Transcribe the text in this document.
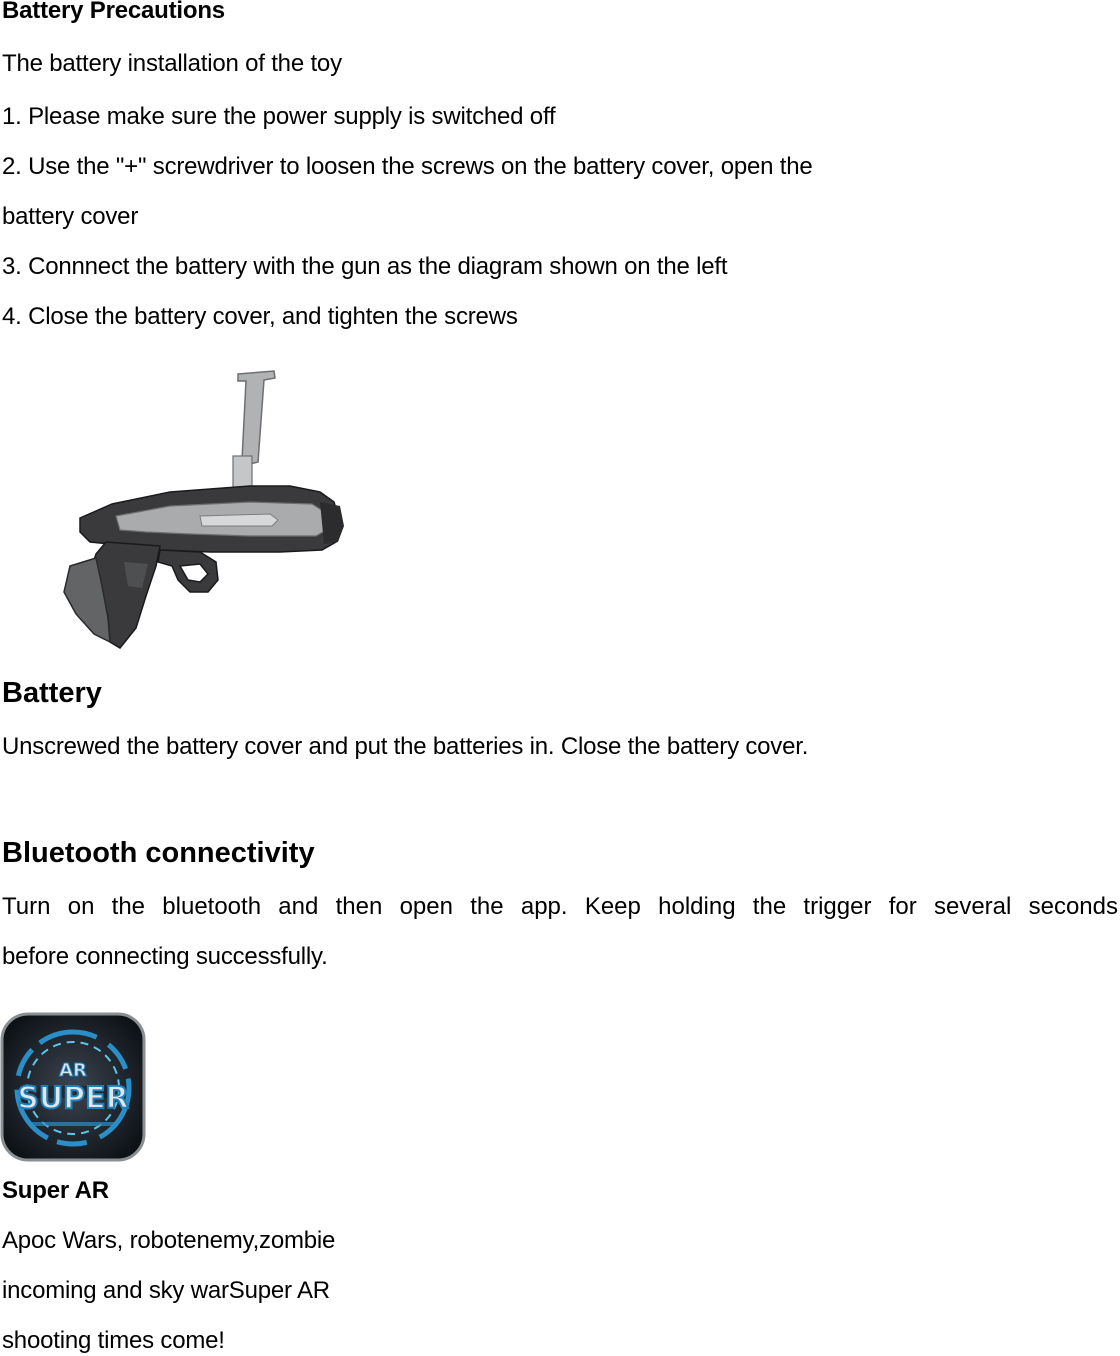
Battery Precautions
The battery installation of the toy
1. Please make sure the power supply is switched off
2. Use the "+" screwdriver to loosen the screws on the battery cover, open the
battery cover
3. Connnect the battery with the gun as the diagram shown on the left
4. Close the battery cover, and tighten the screws
Battery
Unscrewed the battery cover and put the batteries in. Close the battery cover.
Bluetooth connectivity
Turn on the bluetooth and then open the app. Keep holding the trigger for several seconds
before connecting successfully.
AR
SUPER
Super AR
Apoc Wars, robotenemy,zombie
incoming and sky warSuper AR
shooting times come!
